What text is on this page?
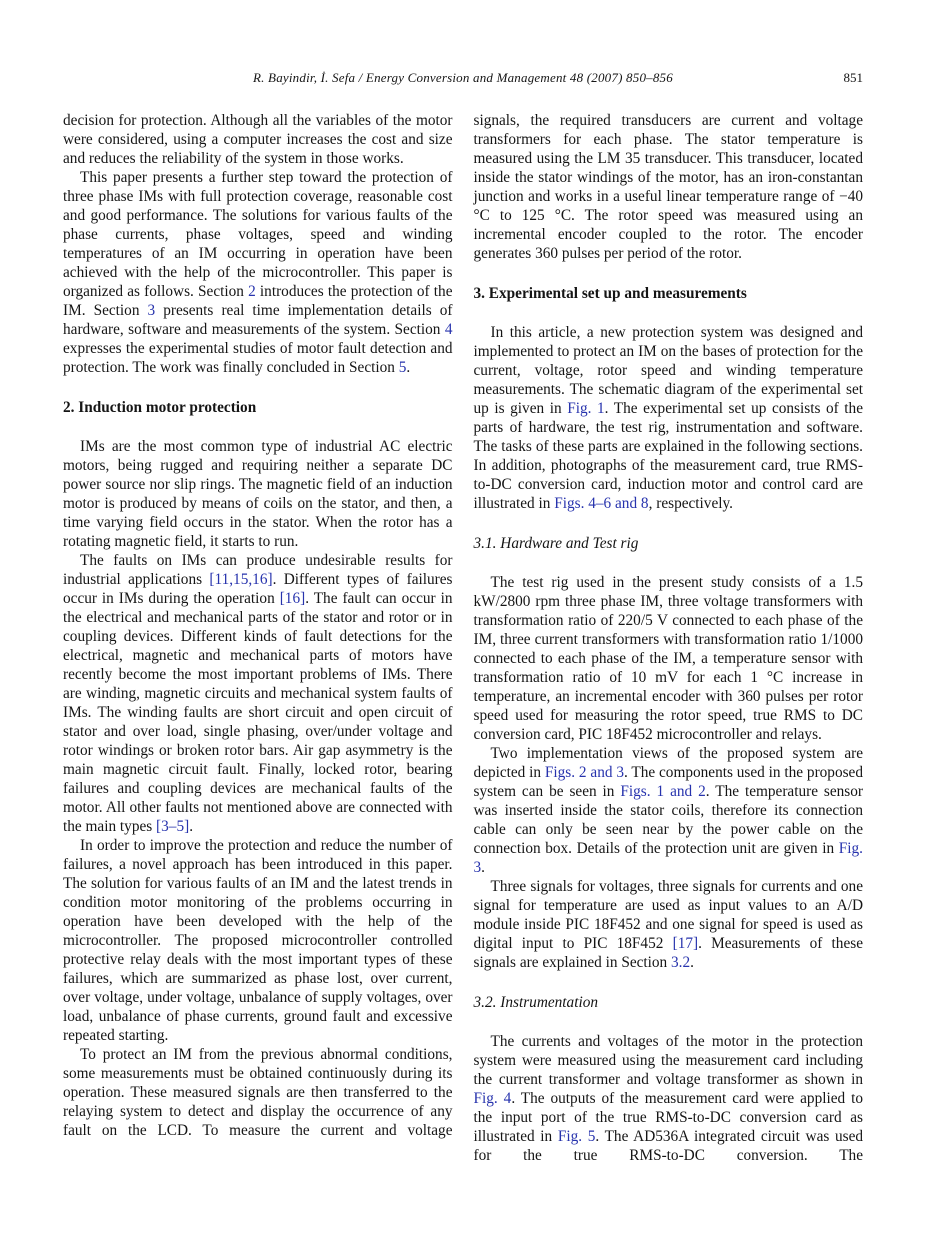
R. Bayindir, İ. Sefa / Energy Conversion and Management 48 (2007) 850–856	851

decision for protection. Although all the variables of the motor were considered, using a computer increases the cost and size and reduces the reliability of the system in those works.

This paper presents a further step toward the protection of three phase IMs with full protection coverage, reasonable cost and good performance. The solutions for various faults of the phase currents, phase voltages, speed and winding temperatures of an IM occurring in operation have been achieved with the help of the microcontroller. This paper is organized as follows. Section 2 introduces the protection of the IM. Section 3 presents real time implementation details of hardware, software and measurements of the system. Section 4 expresses the experimental studies of motor fault detection and protection. The work was finally concluded in Section 5.

2. Induction motor protection

IMs are the most common type of industrial AC electric motors, being rugged and requiring neither a separate DC power source nor slip rings. The magnetic field of an induction motor is produced by means of coils on the stator, and then, a time varying field occurs in the stator. When the rotor has a rotating magnetic field, it starts to run.

The faults on IMs can produce undesirable results for industrial applications [11,15,16]. Different types of failures occur in IMs during the operation [16]. The fault can occur in the electrical and mechanical parts of the stator and rotor or in coupling devices. Different kinds of fault detections for the electrical, magnetic and mechanical parts of motors have recently become the most important problems of IMs. There are winding, magnetic circuits and mechanical system faults of IMs. The winding faults are short circuit and open circuit of stator and over load, single phasing, over/under voltage and rotor windings or broken rotor bars. Air gap asymmetry is the main magnetic circuit fault. Finally, locked rotor, bearing failures and coupling devices are mechanical faults of the motor. All other faults not mentioned above are connected with the main types [3–5].

In order to improve the protection and reduce the number of failures, a novel approach has been introduced in this paper. The solution for various faults of an IM and the latest trends in condition motor monitoring of the problems occurring in operation have been developed with the help of the microcontroller. The proposed microcontroller controlled protective relay deals with the most important types of these failures, which are summarized as phase lost, over current, over voltage, under voltage, unbalance of supply voltages, over load, unbalance of phase currents, ground fault and excessive repeated starting.

To protect an IM from the previous abnormal conditions, some measurements must be obtained continuously during its operation. These measured signals are then transferred to the relaying system to detect and display the occurrence of any fault on the LCD. To measure the current and voltage

signals, the required transducers are current and voltage transformers for each phase. The stator temperature is measured using the LM 35 transducer. This transducer, located inside the stator windings of the motor, has an iron-constantan junction and works in a useful linear temperature range of −40 °C to 125 °C. The rotor speed was measured using an incremental encoder coupled to the rotor. The encoder generates 360 pulses per period of the rotor.

3. Experimental set up and measurements

In this article, a new protection system was designed and implemented to protect an IM on the bases of protection for the current, voltage, rotor speed and winding temperature measurements. The schematic diagram of the experimental set up is given in Fig. 1. The experimental set up consists of the parts of hardware, the test rig, instrumentation and software. The tasks of these parts are explained in the following sections. In addition, photographs of the measurement card, true RMS-to-DC conversion card, induction motor and control card are illustrated in Figs. 4–6 and 8, respectively.

3.1. Hardware and Test rig

The test rig used in the present study consists of a 1.5 kW/2800 rpm three phase IM, three voltage transformers with transformation ratio of 220/5 V connected to each phase of the IM, three current transformers with transformation ratio 1/1000 connected to each phase of the IM, a temperature sensor with transformation ratio of 10 mV for each 1 °C increase in temperature, an incremental encoder with 360 pulses per rotor speed used for measuring the rotor speed, true RMS to DC conversion card, PIC 18F452 microcontroller and relays.

Two implementation views of the proposed system are depicted in Figs. 2 and 3. The components used in the proposed system can be seen in Figs. 1 and 2. The temperature sensor was inserted inside the stator coils, therefore its connection cable can only be seen near by the power cable on the connection box. Details of the protection unit are given in Fig. 3.

Three signals for voltages, three signals for currents and one signal for temperature are used as input values to an A/D module inside PIC 18F452 and one signal for speed is used as digital input to PIC 18F452 [17]. Measurements of these signals are explained in Section 3.2.

3.2. Instrumentation

The currents and voltages of the motor in the protection system were measured using the measurement card including the current transformer and voltage transformer as shown in Fig. 4. The outputs of the measurement card were applied to the input port of the true RMS-to-DC conversion card as illustrated in Fig. 5. The AD536A integrated circuit was used for the true RMS-to-DC conversion. The
